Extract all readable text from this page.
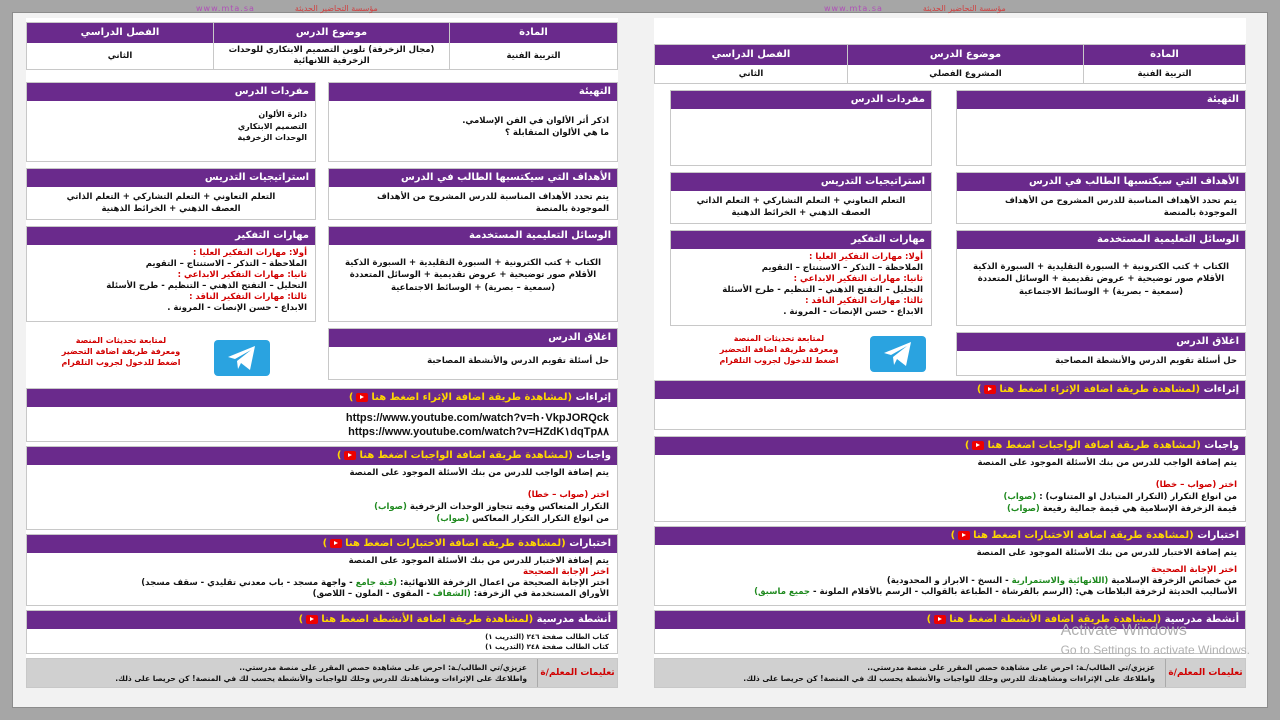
www.mta.sa	مؤسسة التحاضير الحديثة
المادة
التربية الفنية
موضوع الدرس
(مجال الزخرفة) تلوين التصميم الابتكاري للوحدات الزخرفية اللانهائية
الفصل الدراسي
الثاني
التهيئة
اذكر أثر الألوان في الفن الإسلامي.
ما هي الألوان المتقابلة ؟
مفردات الدرس
دائرة الألوان
التصميم الابتكاري
الوحدات الزخرفية
الأهداف التي سيكتسبها الطالب في الدرس
يتم تحدد الأهداف المناسبة للدرس المشروح من الأهداف الموجودة بالمنصة
استراتيجيات التدريس
التعلم التعاوني + التعلم التشاركي + التعلم الذاتي
العصف الذهني + الخرائط الذهنية
الوسائل التعليمية المستخدمة
الكتاب + كتب الكترونية + السبورة التقليدية + السبورة الذكية
الأقلام صور توضيحية + عروض تقديمية + الوسائل المتعددة
(سمعية – بصرية) + الوسائط الاجتماعية
مهارات التفكير
أولا: مهارات التفكير العليا :
الملاحظة – التذكر – الاستنتاج – التقويم
ثانيا: مهارات التفكير الابداعي :
التحليل – التفتح الذهني – التنظيم - طرح الأسئلة
ثالثا: مهارات التفكير الناقد :
الابداع - حسن الإنصات - المرونة .
اغلاق الدرس
حل أسئلة تقويم الدرس والأنشطة المصاحبة
لمتابعة تحديثات المنصة
ومعرفة طريقة اضافة التحضير
اضغط للدخول لجروب التلقرام
إثراءات (لمشاهدة طريقة اضافة الإثراء اضغط هنا)
https://www.youtube.com/watch?v=h٠VkpJORQck
https://www.youtube.com/watch?v=HZdK١dqTp٨٨
واجبات (لمشاهدة طريقة اضافة الواجبات اضغط هنا)
يتم إضافة الواجب للدرس من بنك الأسئلة الموجود على المنصة
اختر (صواب – خطا)
التكرار المتعاكس وفيه تتجاوز الوحدات الزخرفية (صواب)
من انواع التكرار التكرار المعاكس (صواب)
اختبارات (لمشاهدة طريقة اضافة الاختبارات اضغط هنا)
يتم إضافة الاختبار للدرس من بنك الأسئلة الموجود على المنصة
اختر الإجابة الصحيحة
اختر الإجابة الصحيحة من اعمال الزخرفة اللانهائية: (قبة جامع - واجهة مسجد - باب معدني تقليدي - سقف مسجد)
الأوراق المستخدمة في الزخرفة: (الشفاف - المقوى - الملون – اللاصق)
أنشطة مدرسية (لمشاهدة طريقة اضافة الأنشطة اضغط هنا)
كتاب الطالب صفحة ٢٤٦ (التدريب ١)
كتاب الطالب صفحة ٢٤٨ (التدريب ١)
تعليمات المعلم/ة
عزيزي/تي الطالب/ـة: احرص على مشاهدة حصص المقرر على منصة مدرستي..
واطلاعك على الإثراءات ومشاهدتك للدرس وحلك للواجبات والأنشطة يحسب لك في المنصة! كن حريصا على ذلك.
www.mta.sa	مؤسسة التحاضير الحديثة
المادة
التربية الفنية
موضوع الدرس
المشروع الفصلي
الفصل الدراسي
الثاني
التهيئة
مفردات الدرس
الأهداف التي سيكتسبها الطالب في الدرس
يتم تحدد الأهداف المناسبة للدرس المشروح من الأهداف الموجودة بالمنصة
استراتيجيات التدريس
التعلم التعاوني + التعلم التشاركي + التعلم الذاتي
العصف الذهني + الخرائط الذهنية
الوسائل التعليمية المستخدمة
الكتاب + كتب الكترونية + السبورة التقليدية + السبورة الذكية
الأقلام صور توضيحية + عروض تقديمية + الوسائل المتعددة
(سمعية – بصرية) + الوسائط الاجتماعية
مهارات التفكير
أولا: مهارات التفكير العليا :
الملاحظة – التذكر – الاستنتاج – التقويم
ثانيا: مهارات التفكير الابداعي :
التحليل – التفتح الذهني – التنظيم - طرح الأسئلة
ثالثا: مهارات التفكير الناقد :
الابداع - حسن الإنصات - المرونة .
اغلاق الدرس
حل أسئلة تقويم الدرس والأنشطة المصاحبة
لمتابعة تحديثات المنصة
ومعرفة طريقة اضافة التحضير
اضغط للدخول لجروب التلقرام
إثراءات (لمشاهدة طريقة اضافة الإثراء اضغط هنا)
واجبات (لمشاهدة طريقة اضافة الواجبات اضغط هنا)
يتم إضافة الواجب للدرس من بنك الأسئلة الموجود على المنصة
اختر (صواب – خطا)
من انواع التكرار (التكرار المتبادل او المتناوب) : (صواب)
قيمة الزخرفة الإسلامية هي قيمة جمالية رفيعة (صواب)
اختبارات (لمشاهدة طريقة اضافة الاختبارات اضغط هنا)
يتم إضافة الاختبار للدرس من بنك الأسئلة الموجود على المنصة
اختر الإجابة الصحيحة
من خصائص الزخرفة الإسلامية (اللانهائية والاستمرارية - النسخ - الابراز و المحدودية)
الأساليب الحديثة لزخرفة البلاطات هي: (الرسم بالفرشاة - الطباعة بالقوالب - الرسم بالأقلام الملونة - جميع ماسبق)
أنشطة مدرسية (لمشاهدة طريقة اضافة الأنشطة اضغط هنا)
تعليمات المعلم/ة
عزيزي/تي الطالب/ـة: احرص على مشاهدة حصص المقرر على منصة مدرستي..
واطلاعك على الإثراءات ومشاهدتك للدرس وحلك للواجبات والأنشطة يحسب لك في المنصة! كن حريصا على ذلك.
Activate Windows
Go to Settings to activate Windows.
